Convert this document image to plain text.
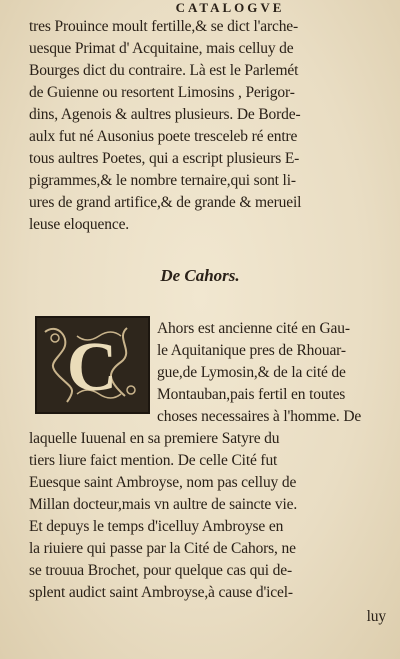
CATALOGVE
tres Prouince moult fertille,& se dict l'arche-
uesque Primat d' Acquitaine, mais celluy de
Bourges dict du contraire. Là est le Parlemét
de Guienne ou resortent Limosins , Perigor-
dins, Agenois & aultres plusieurs. De Borde-
aulx fut né Ausonius poete tresceleb ré entre
tous aultres Poetes, qui a escript plusieurs E-
pigrammes,& le nombre ternaire,qui sont li-
ures de grand artifice,& de grande & merueil
leuse eloquence.
De Cahors.
C
Ahors est ancienne cité en Gau-
le Aquitanique pres de Rhouar-
gue,de Lymosin,& de la cité de
Montauban,pais fertil en toutes
choses necessaires à l'homme. De
laquelle Iuuenal en sa premiere Satyre du
tiers liure faict mention. De celle Cité fut
Euesque saint Ambroyse, nom pas celluy de
Millan docteur,mais vn aultre de saincte vie.
Et depuys le temps d'icelluy Ambroyse en
la riuiere qui passe par la Cité de Cahors, ne
se trouua Brochet, pour quelque cas qui de-
splent audict saint Ambroyse,à cause d'icel-
luy
